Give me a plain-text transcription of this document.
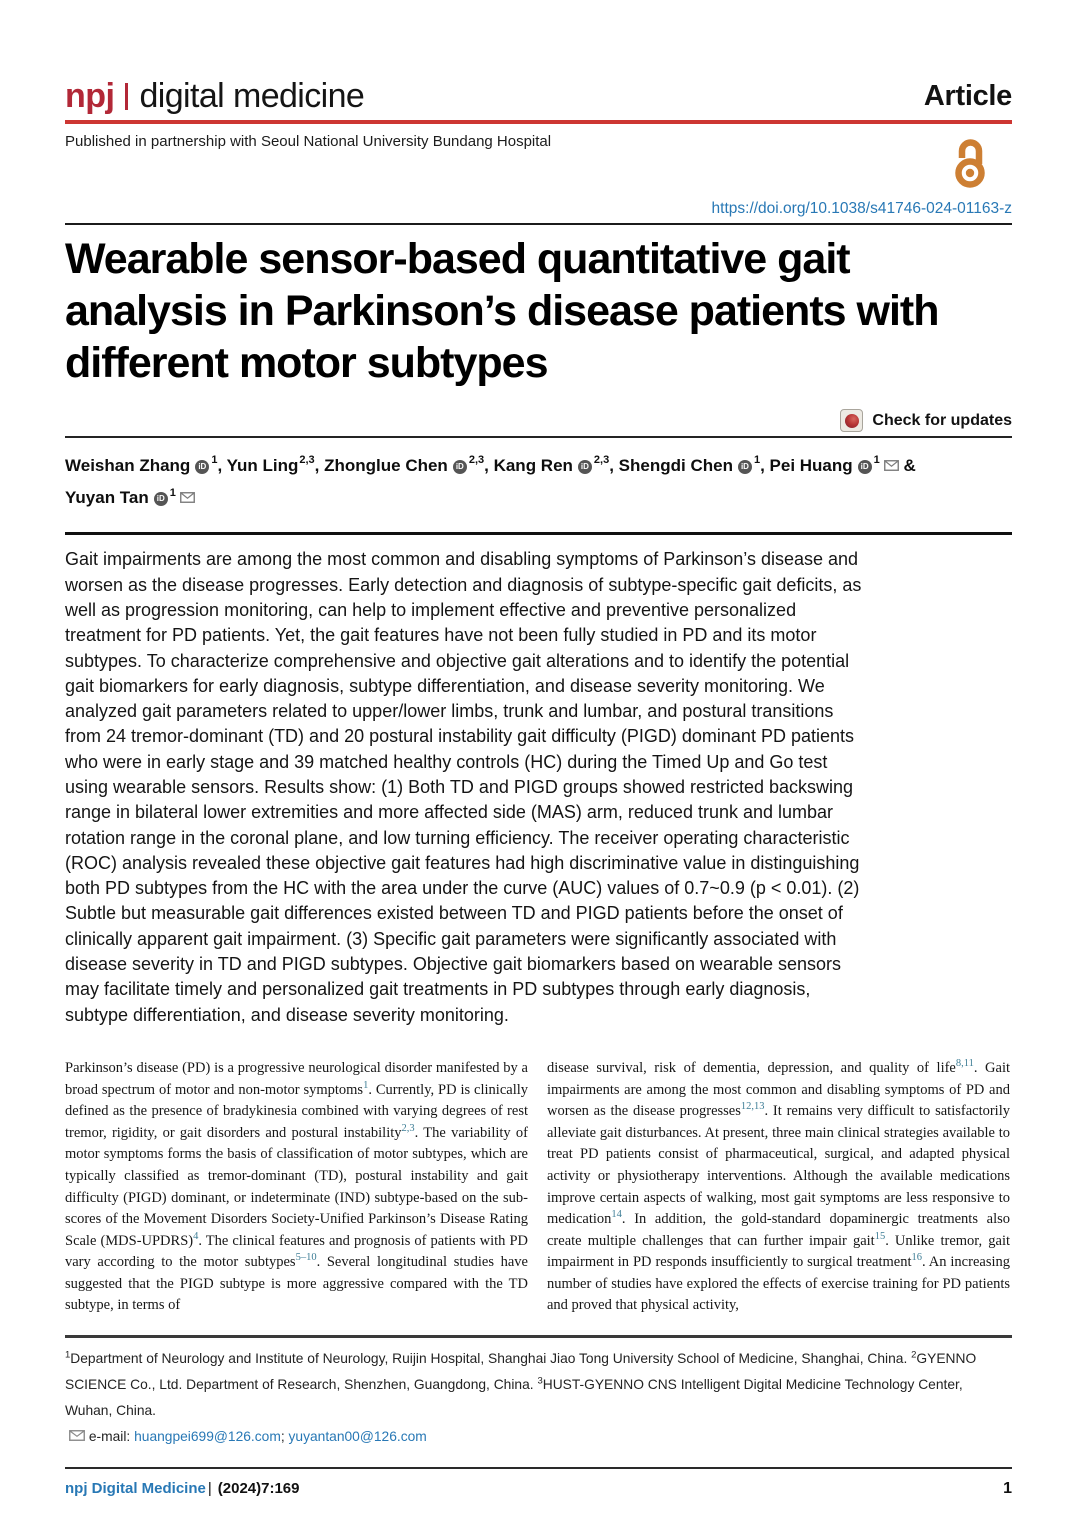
npj digital medicine	Article
Published in partnership with Seoul National University Bundang Hospital
https://doi.org/10.1038/s41746-024-01163-z
Wearable sensor-based quantitative gait analysis in Parkinson’s disease patients with different motor subtypes
Check for updates
Weishan Zhang $iD^1$, Yun Ling$^{2,3}$, Zhonglue Chen iD$^{2,3}$, Kang Ren iD$^{2,3}$, Shengdi Chen $iD^1$, Pei Huang $iD^1$ &
Yuyan Tan $iD^1$

Gait impairments are among the most common and disabling symptoms of Parkinson’s disease and worsen as the disease progresses. Early detection and diagnosis of subtype-specific gait deficits, as well as progression monitoring, can help to implement effective and preventive personalized treatment for PD patients. Yet, the gait features have not been fully studied in PD and its motor subtypes. To characterize comprehensive and objective gait alterations and to identify the potential gait biomarkers for early diagnosis, subtype differentiation, and disease severity monitoring. We analyzed gait parameters related to upper/lower limbs, trunk and lumbar, and postural transitions from 24 tremor-dominant (TD) and 20 postural instability gait difficulty (PIGD) dominant PD patients who were in early stage and 39 matched healthy controls (HC) during the Timed Up and Go test using wearable sensors. Results show: (1) Both TD and PIGD groups showed restricted backswing range in bilateral lower extremities and more affected side (MAS) arm, reduced trunk and lumbar rotation range in the coronal plane, and low turning efficiency. The receiver operating characteristic (ROC) analysis revealed these objective gait features had high discriminative value in distinguishing both PD subtypes from the HC with the area under the curve (AUC) values of 0.7~0.9 (p < 0.01). (2) Subtle but measurable gait differences existed between TD and PIGD patients before the onset of clinically apparent gait impairment. (3) Specific gait parameters were significantly associated with disease severity in TD and PIGD subtypes. Objective gait biomarkers based on wearable sensors may facilitate timely and personalized gait treatments in PD subtypes through early diagnosis, subtype differentiation, and disease severity monitoring.

Parkinson’s disease (PD) is a progressive neurological disorder manifested by a broad spectrum of motor and non-motor symptoms$^1$. Currently, PD is clinically defined as the presence of bradykinesia combined with varying degrees of rest tremor, rigidity, or gait disorders and postural instability$^{2,3}$. The variability of motor symptoms forms the basis of classification of motor subtypes, which are typically classified as tremor-dominant (TD), postural instability and gait difficulty (PIGD) dominant, or indeterminate (IND) subtype-based on the sub-scores of the Movement Disorders Society-Unified Parkinson’s Disease Rating Scale (MDS-UPDRS)$^4$. The clinical features and prognosis of patients with PD vary according to the motor subtypes$^{5-10}$. Several longitudinal studies have suggested that the PIGD subtype is more aggressive compared with the TD subtype, in terms of
disease survival, risk of dementia, depression, and quality of life$^{8,11}$. Gait impairments are among the most common and disabling symptoms of PD and worsen as the disease progresses$^{12,13}$. It remains very difficult to satisfactorily alleviate gait disturbances. At present, three main clinical strategies available to treat PD patients consist of pharmaceutical, surgical, and adapted physical activity or physiotherapy interventions. Although the available medications improve certain aspects of walking, most gait symptoms are less responsive to medication$^{14}$. In addition, the gold-standard dopaminergic treatments also create multiple challenges that can further impair gait$^{15}$. Unlike tremor, gait impairment in PD responds insufficiently to surgical treatment$^{16}$. An increasing number of studies have explored the effects of exercise training for PD patients and proved that physical activity,
$^1$Department of Neurology and Institute of Neurology, Ruijin Hospital, Shanghai Jiao Tong University School of Medicine, Shanghai, China. $^2$GYENNO SCIENCE Co., Ltd. Department of Research, Shenzhen, Guangdong, China. $^3$HUST-GYENNO CNS Intelligent Digital Medicine Technology Center, Wuhan, China.
e-mail: huangpei699@126.com; yuyantan00@126.com
npj Digital Medicine | (2024)7:169	1
